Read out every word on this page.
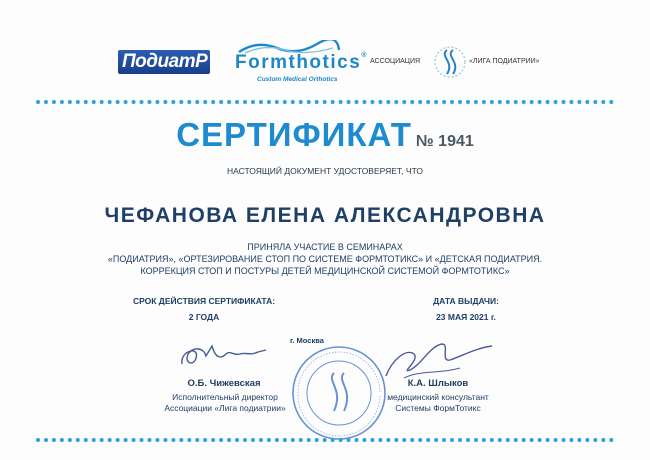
ПодиатР Formthotics®
Custom Medical Orthotics
АССОЦИАЦИЯ	«ЛИГА ПОДИАТРИИ»
СЕРТИФИКАТ № 1941
НАСТОЯЩИЙ ДОКУМЕНТ УДОСТОВЕРЯЕТ, ЧТО
ЧЕФАНОВА ЕЛЕНА АЛЕКСАНДРОВНА
ПРИНЯЛА УЧАСТИЕ В СЕМИНАРАХ
«ПОДИАТРИЯ», «ОРТЕЗИРОВАНИЕ СТОП ПО СИСТЕМЕ ФОРМТОТИКС» И «ДЕТСКАЯ ПОДИАТРИЯ.
КОРРЕКЦИЯ СТОП И ПОСТУРЫ ДЕТЕЙ МЕДИЦИНСКОЙ СИСТЕМОЙ ФОРМТОТИКС»
СРОК ДЕЙСТВИЯ СЕРТИФИКАТА:
2 ГОДА
ДАТА ВЫДАЧИ:
23 МАЯ 2021 г.
г. Москва
О.Б. Чижевская
Исполнительный директор
Ассоциации «Лига подиатрии»
К.А. Шлыков
медицинский консультант
Системы ФормТотикс
